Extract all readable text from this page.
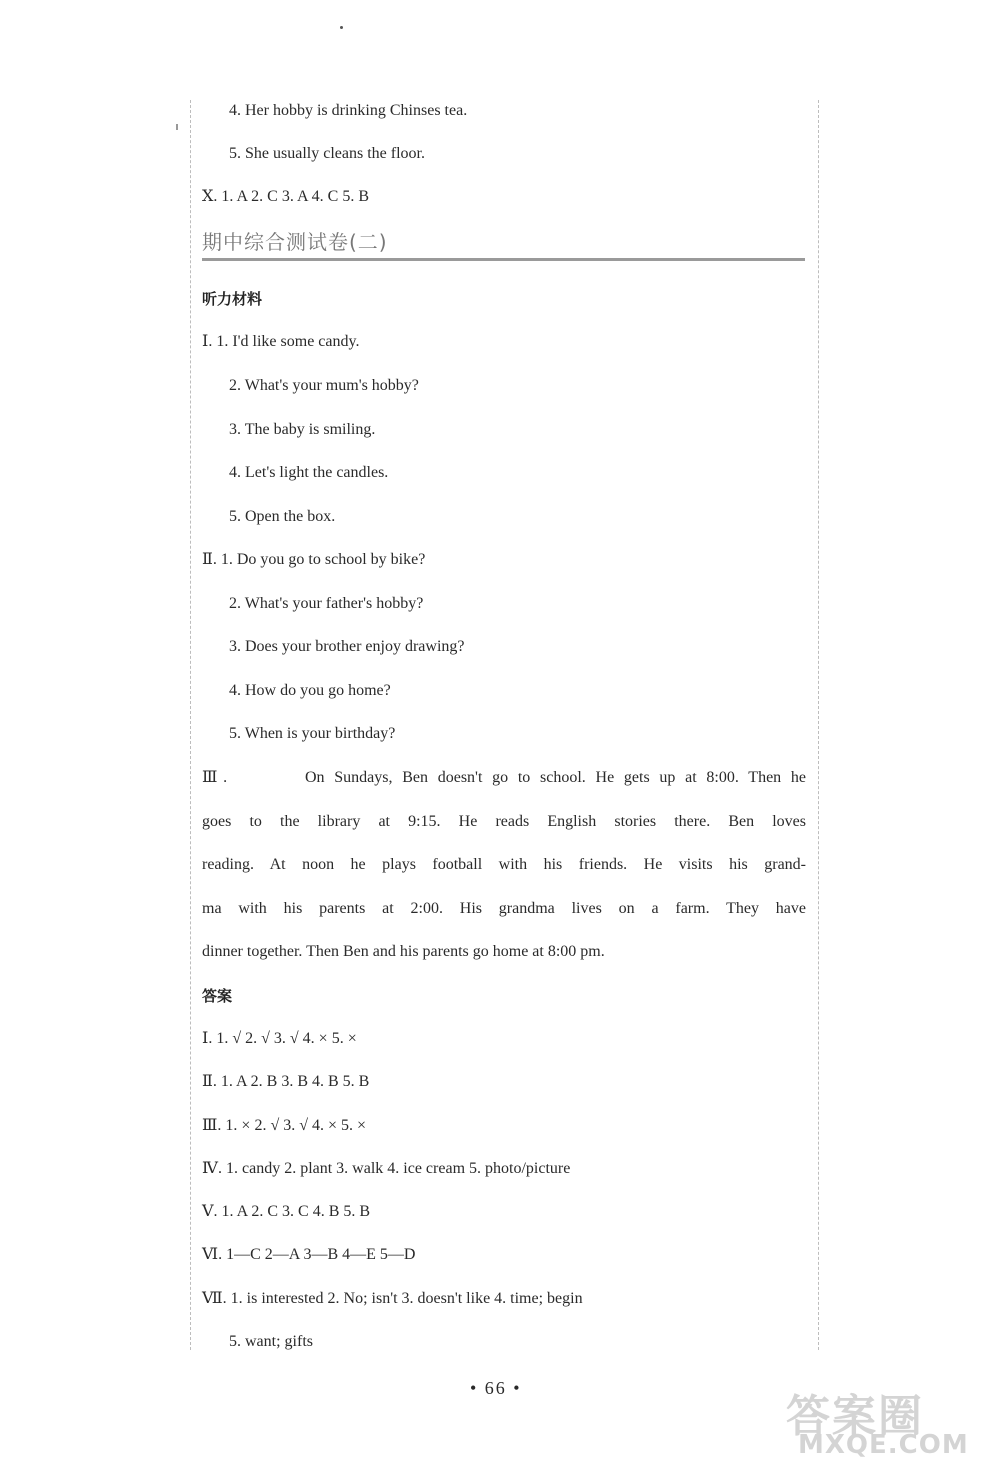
4. Her hobby is drinking Chinses tea.
5. She usually cleans the floor.
Ⅹ. 1. A 2. C 3. A 4. C 5. B
期中综合测试卷(二)
听力材料
Ⅰ. 1. I'd like some candy.
2. What's your mum's hobby?
3. The baby is smiling.
4. Let's light the candles.
5. Open the box.
Ⅱ. 1. Do you go to school by bike?
2. What's your father's hobby?
3. Does your brother enjoy drawing?
4. How do you go home?
5. When is your birthday?
Ⅲ.        On Sundays, Ben doesn't go to school. He gets up at 8:00. Then he
goes to the library at 9:15. He reads English stories there. Ben loves
reading. At noon he plays football with his friends. He visits his grand-
ma with his parents at 2:00. His grandma lives on a farm. They have
dinner together. Then Ben and his parents go home at 8:00 pm.
答案
Ⅰ. 1. √ 2. √ 3. √ 4. × 5. ×
Ⅱ. 1. A 2. B 3. B 4. B 5. B
Ⅲ. 1. × 2. √ 3. √ 4. × 5. ×
Ⅳ. 1. candy 2. plant 3. walk 4. ice cream 5. photo/picture
Ⅴ. 1. A 2. C 3. C 4. B 5. B
Ⅵ. 1—C 2—A 3—B 4—E 5—D
Ⅶ. 1. is interested 2. No; isn't 3. doesn't like 4. time; begin
5. want; gifts
• 66 •
答案圈
MXQE.COM
